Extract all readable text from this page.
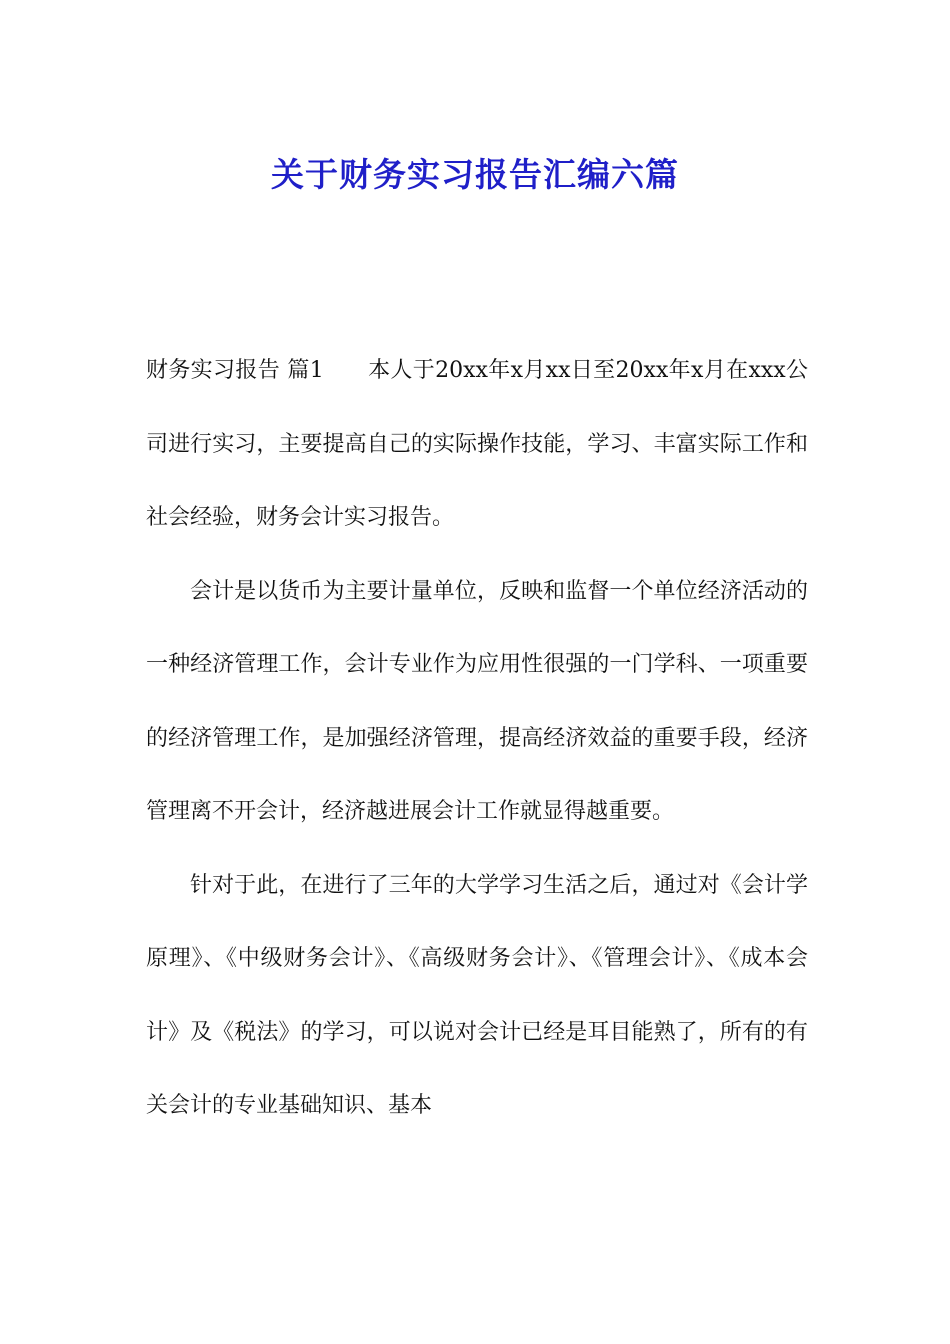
关于财务实习报告汇编六篇

财务实习报告 篇1 本人于20xx年x月xx日至20xx年x月在xxx公司进行实习，主要提高自己的实际操作技能，学习、丰富实际工作和社会经验，财务会计实习报告。

会计是以货币为主要计量单位，反映和监督一个单位经济活动的一种经济管理工作，会计专业作为应用性很强的一门学科、一项重要的经济管理工作，是加强经济管理，提高经济效益的重要手段，经济管理离不开会计，经济越进展会计工作就显得越重要。

针对于此，在进行了三年的大学学习生活之后，通过对《会计学原理》、《中级财务会计》、《高级财务会计》、《管理会计》、《成本会计》及《税法》的学习，可以说对会计已经是耳目能熟了，所有的有关会计的专业基础知识、基本
